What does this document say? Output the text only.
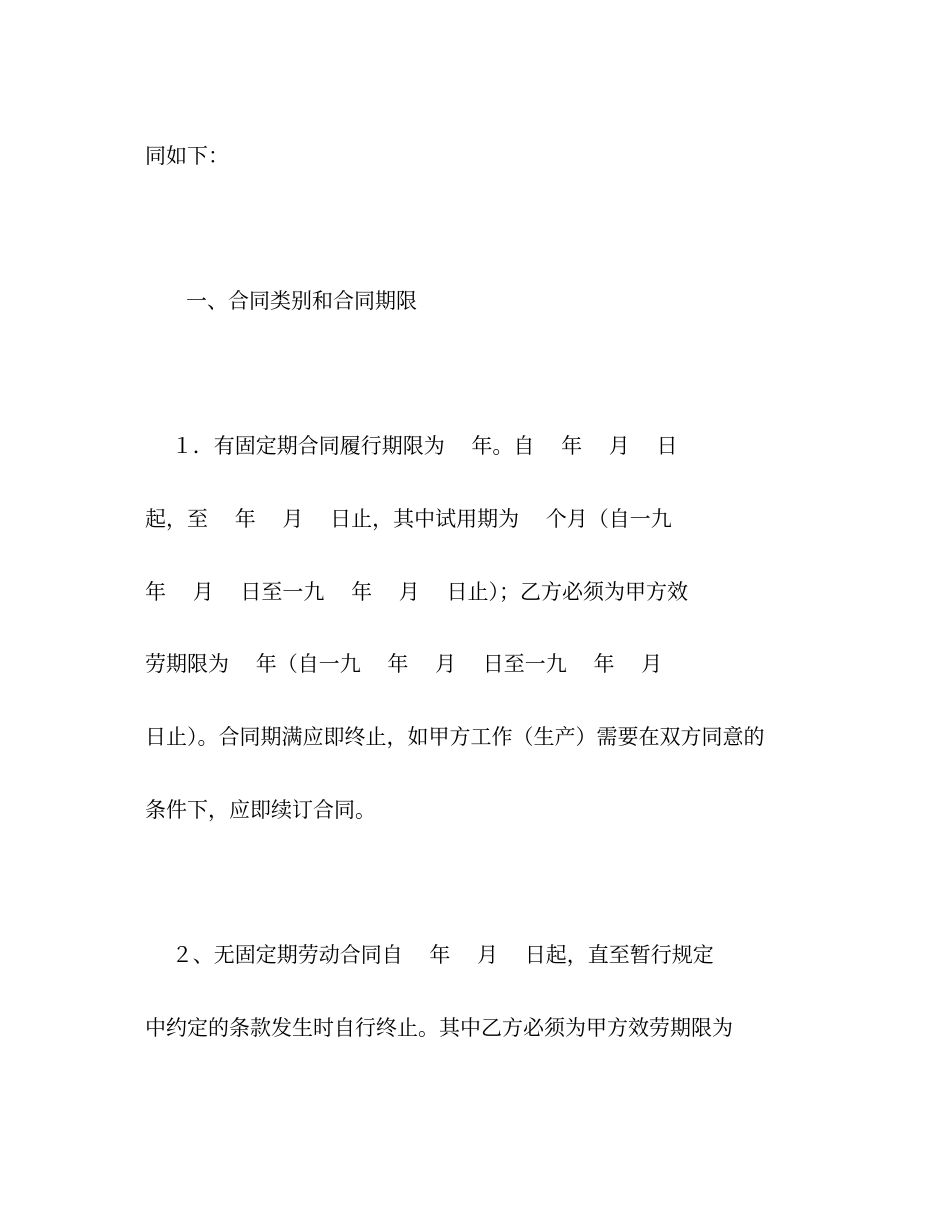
同如下：
一、合同类别和合同期限
１．有固定期合同履行期限为    年。自    年    月    日
起，至    年    月    日止，其中试用期为    个月（自一九
年    月    日至一九    年    月    日止）；乙方必须为甲方效
劳期限为    年（自一九    年    月    日至一九    年    月
日止）。合同期满应即终止，如甲方工作（生产）需要在双方同意的
条件下，应即续订合同。
２、无固定期劳动合同自    年    月    日起，直至暂行规定
中约定的条款发生时自行终止。其中乙方必须为甲方效劳期限为
